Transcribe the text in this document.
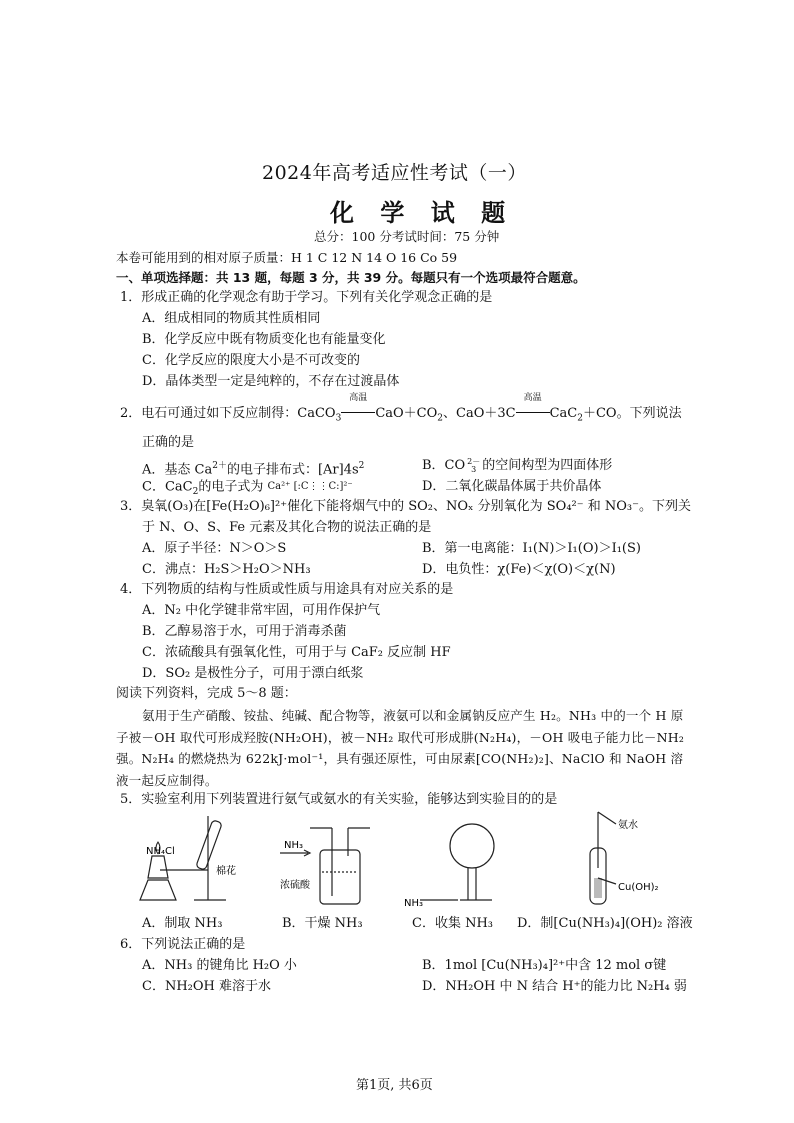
2024年高考适应性考试（一）
化 学 试 题
总分：100 分考试时间：75 分钟
本卷可能用到的相对原子质量：H 1 C 12 N 14 O 16 Co 59
一、单项选择题：共 13 题，每题 3 分，共 39 分。每题只有一个选项最符合题意。
1．形成正确的化学观念有助于学习。下列有关化学观念正确的是
A．组成相同的物质其性质相同
B．化学反应中既有物质变化也有能量变化
C．化学反应的限度大小是不可改变的
D．晶体类型一定是纯粹的，不存在过渡晶体
2．电石可通过如下反应制得：CaCO$_3$
高温
$CaO+CO_2$、CaO＋3C
高温
CaC$_2$＋CO。下列说法
正确的是
A．基态 $Ca^{2+}$的电子排布式：$[Ar]4s^2$	B．CO 2－
3 的空间构型为四面体形
C．CaC$_2$的电子式为 Ca²⁺ [:C⋮⋮C:]²⁻	D．二氧化碳晶体属于共价晶体
3．臭氧(O₃)在[Fe(H₂O)₆]²⁺催化下能将烟气中的 SO₂、NOₓ 分别氧化为 SO₄²⁻ 和 NO₃⁻。下列关
于 N、O、S、Fe 元素及其化合物的说法正确的是
A．原子半径：N＞O＞S	B．第一电离能：I₁(N)＞I₁(O)＞I₁(S)
C．沸点：H₂S＞H₂O＞NH₃	D．电负性：χ(Fe)＜χ(O)＜χ(N)
4．下列物质的结构与性质或性质与用途具有对应关系的是
A．N₂ 中化学键非常牢固，可用作保护气
B．乙醇易溶于水，可用于消毒杀菌
C．浓硫酸具有强氧化性，可用于与 CaF₂ 反应制 HF
D．SO₂ 是极性分子，可用于漂白纸浆
阅读下列资料，完成 5～8 题：
氨用于生产硝酸、铵盐、纯碱、配合物等，液氨可以和金属钠反应产生 H₂。NH₃ 中的一个 H 原子被－OH 取代可形成羟胺(NH₂OH)，被－NH₂ 取代可形成肼(N₂H₄)，－OH 吸电子能力比－NH₂ 强。N₂H₄ 的燃烧热为 622kJ·mol⁻¹，具有强还原性，可由尿素[CO(NH₂)₂]、NaClO 和 NaOH 溶液一起反应制得。
5．实验室利用下列装置进行氨气或氨水的有关实验，能够达到实验目的的是
NH₄Cl
棉花
NH₃
浓硫酸
NH₃
氨水
Cu(OH)₂
A．制取 NH₃	B．干燥 NH₃	C．收集 NH₃ D．制[Cu(NH₃)₄](OH)₂ 溶液
6．下列说法正确的是
A．NH₃ 的键角比 H₂O 小	B．1mol [Cu(NH₃)₄]²⁺中含 12 mol σ键
C．NH₂OH 难溶于水	D．NH₂OH 中 N 结合 H⁺的能力比 N₂H₄ 弱
第1页, 共6页
